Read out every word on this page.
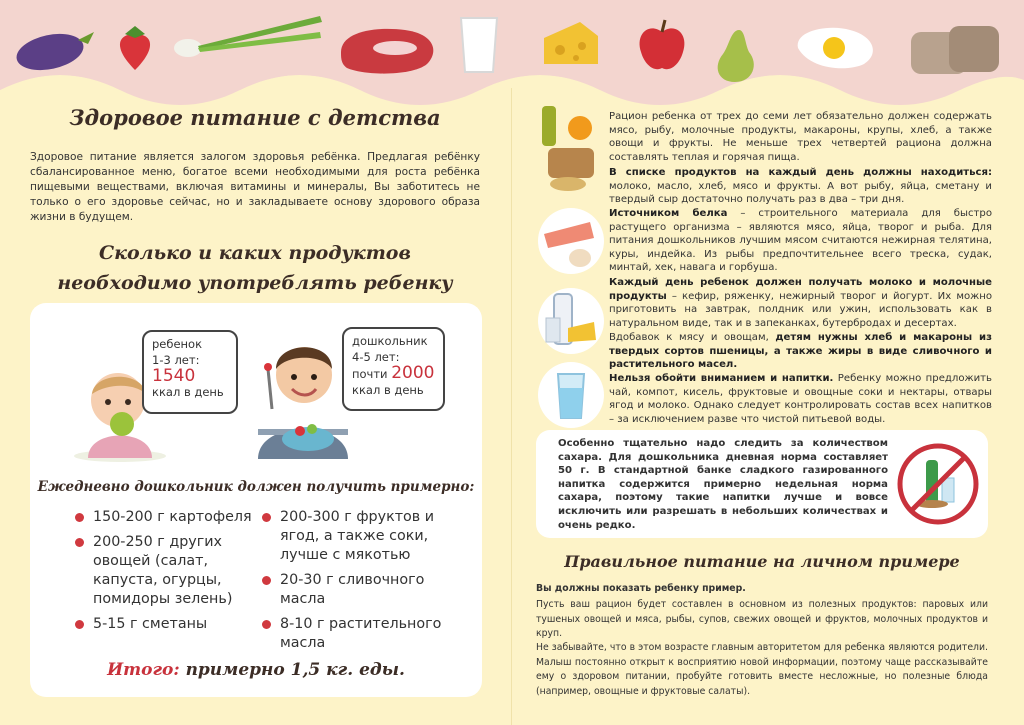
Здоровое питание с детства
Здоровое питание является залогом здоровья ребёнка. Предлагая ребёнку сбалансированное меню, богатое всеми необходимыми для роста ребёнка пищевыми веществами, включая витамины и минералы, Вы заботитесь не только о его здоровье сейчас, но и закладываете основу здорового образа жизни в будущем.
Сколько и каких продуктов
необходимо употреблять ребенку
ребенок
1-3 лет:
1540
ккал в день
дошкольник
4-5 лет:
почти 2000
ккал в день
Ежедневно дошкольник должен получить примерно:
150-200 г картофеля
200-250 г других овощей (салат, капуста, огурцы, помидоры зелень)
5-15 г сметаны
200-300 г фруктов и ягод, а также соки, лучше с мякотью
20-30 г сливочного масла
8-10 г растительного масла
Итого: примерно 1,5 кг. еды.

Рацион ребенка от трех до семи лет обязательно должен содержать мясо, рыбу, молочные продукты, макароны, крупы, хлеб, а также овощи и фрукты. Не меньше трех четвертей рациона должна составлять теплая и горячая пища.

В списке продуктов на каждый день должны находиться: молоко, масло, хлеб, мясо и фрукты. А вот рыбу, яйца, сметану и твердый сыр достаточно получать раз в два – три дня.

Источником белка – строительного материала для быстро растущего организма – являются мясо, яйца, творог и рыба. Для питания дошкольников лучшим мясом считаются нежирная телятина, куры, индейка. Из рыбы предпочтительнее всего треска, судак, минтай, хек, навага и горбуша.

Каждый день ребенок должен получать молоко и молочные продукты – кефир, ряженку, нежирный творог и йогурт. Их можно приготовить на завтрак, полдник или ужин, использовать как в натуральном виде, так и в запеканках, бутербродах и десертах.

Вдобавок к мясу и овощам, детям нужны хлеб и макароны из твердых сортов пшеницы, а также жиры в виде сливочного и растительного масел.

Нельзя обойти вниманием и напитки. Ребенку можно предложить чай, компот, кисель, фруктовые и овощные соки и нектары, отвары ягод и молоко. Однако следует контролировать состав всех напитков – за исключением разве что чистой питьевой воды.

Особенно тщательно надо следить за количеством сахара. Для дошкольника дневная норма составляет 50 г. В стандартной банке сладкого газированного напитка содержится примерно недельная норма сахара, поэтому такие напитки лучше и вовсе исключить или разрешать в небольших количествах и очень редко.

Правильное питание на личном примере

Вы должны показать ребенку пример.

Пусть ваш рацион будет составлен в основном из полезных продуктов: паровых или тушеных овощей и мяса, рыбы, супов, свежих овощей и фруктов, молочных продуктов и круп.

Не забывайте, что в этом возрасте главным авторитетом для ребенка являются родители. Малыш постоянно открыт к восприятию новой информации, поэтому чаще рассказывайте ему о здоровом питании, пробуйте готовить вместе несложные, но полезные блюда (например, овощные и фруктовые салаты).
